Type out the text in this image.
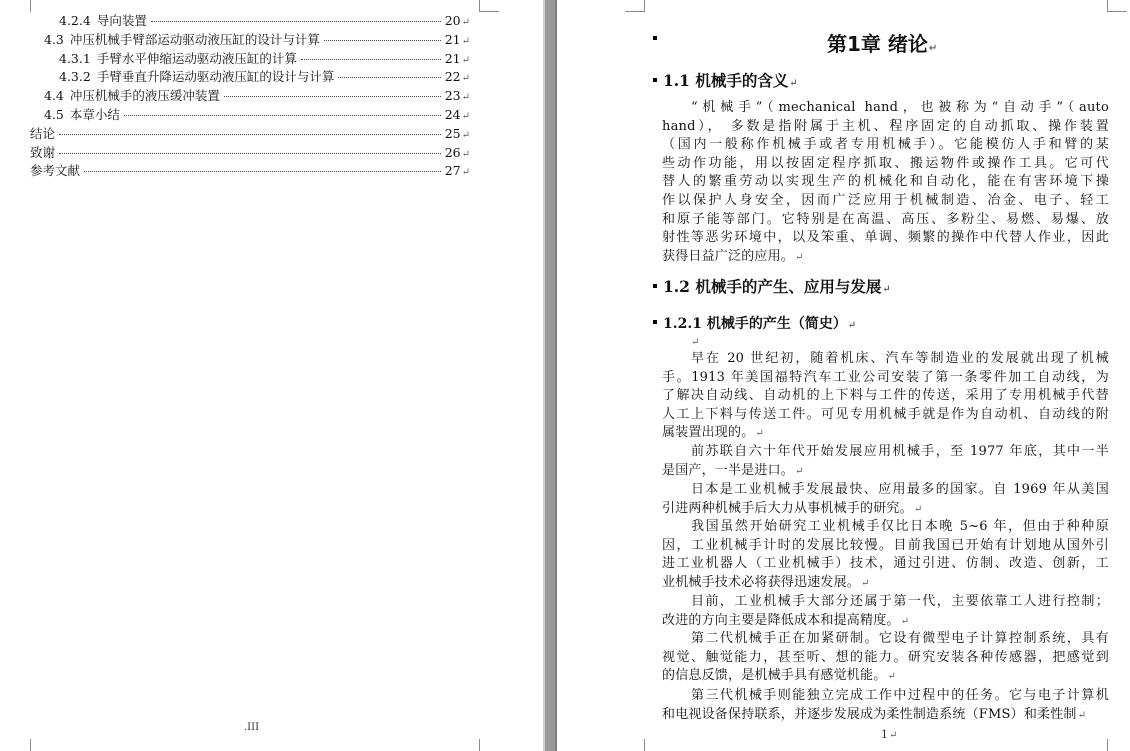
4.2.4 导向装置	20 ↵
4.3 冲压机械手臂部运动驱动液压缸的设计与计算	21 ↵
4.3.1 手臂水平伸缩运动驱动液压缸的计算	21 ↵
4.3.2 手臂垂直升降运动驱动液压缸的设计与计算	22 ↵
4.4 冲压机械手的液压缓冲装置	23 ↵
4.5 本章小结	24 ↵
结论	25 ↵
致谢	26 ↵
参考文献	27 ↵
.III
第1章 绪论↵
1.1 机械手的含义↵
“机械手”（mechanical hand，也被称为“自动手”（auto
hand）， 多数是指附属于主机、程序固定的自动抓取、操作装置
（国内一般称作机械手或者专用机械手）。它能模仿人手和臂的某
些动作功能，用以按固定程序抓取、搬运物件或操作工具。它可代
替人的繁重劳动以实现生产的机械化和自动化，能在有害环境下操
作以保护人身安全，因而广泛应用于机械制造、冶金、电子、轻工
和原子能等部门。它特别是在高温、高压、多粉尘、易燃、易爆、放
射性等恶劣环境中，以及笨重、单调、频繁的操作中代替人作业，因此
获得日益广泛的应用。↵
1.2 机械手的产生、应用与发展↵
1.2.1 机械手的产生（简史）↵
↵
早在 20 世纪初，随着机床、汽车等制造业的发展就出现了机械
手。1913 年美国福特汽车工业公司安装了第一条零件加工自动线，为
了解决自动线、自动机的上下料与工件的传送，采用了专用机械手代替
人工上下料与传送工件。可见专用机械手就是作为自动机、自动线的附
属装置出现的。↵
前苏联自六十年代开始发展应用机械手，至 1977 年底，其中一半
是国产，一半是进口。↵
日本是工业机械手发展最快、应用最多的国家。自 1969 年从美国
引进两种机械手后大力从事机械手的研究。↵
我国虽然开始研究工业机械手仅比日本晚 5~6 年，但由于种种原
因，工业机械手计时的发展比较慢。目前我国已开始有计划地从国外引
进工业机器人（工业机械手）技术，通过引进、仿制、改造、创新，工
业机械手技术必将获得迅速发展。↵
目前，工业机械手大部分还属于第一代，主要依靠工人进行控制；
改进的方向主要是降低成本和提高精度。↵
第二代机械手正在加紧研制。它设有微型电子计算控制系统，具有
视觉、触觉能力，甚至听、想的能力。研究安装各种传感器，把感觉到
的信息反馈，是机械手具有感觉机能。↵
第三代机械手则能独立完成工作中过程中的任务。它与电子计算机
和电视设备保持联系，并逐步发展成为柔性制造系统（FMS）和柔性制↵
1↵
